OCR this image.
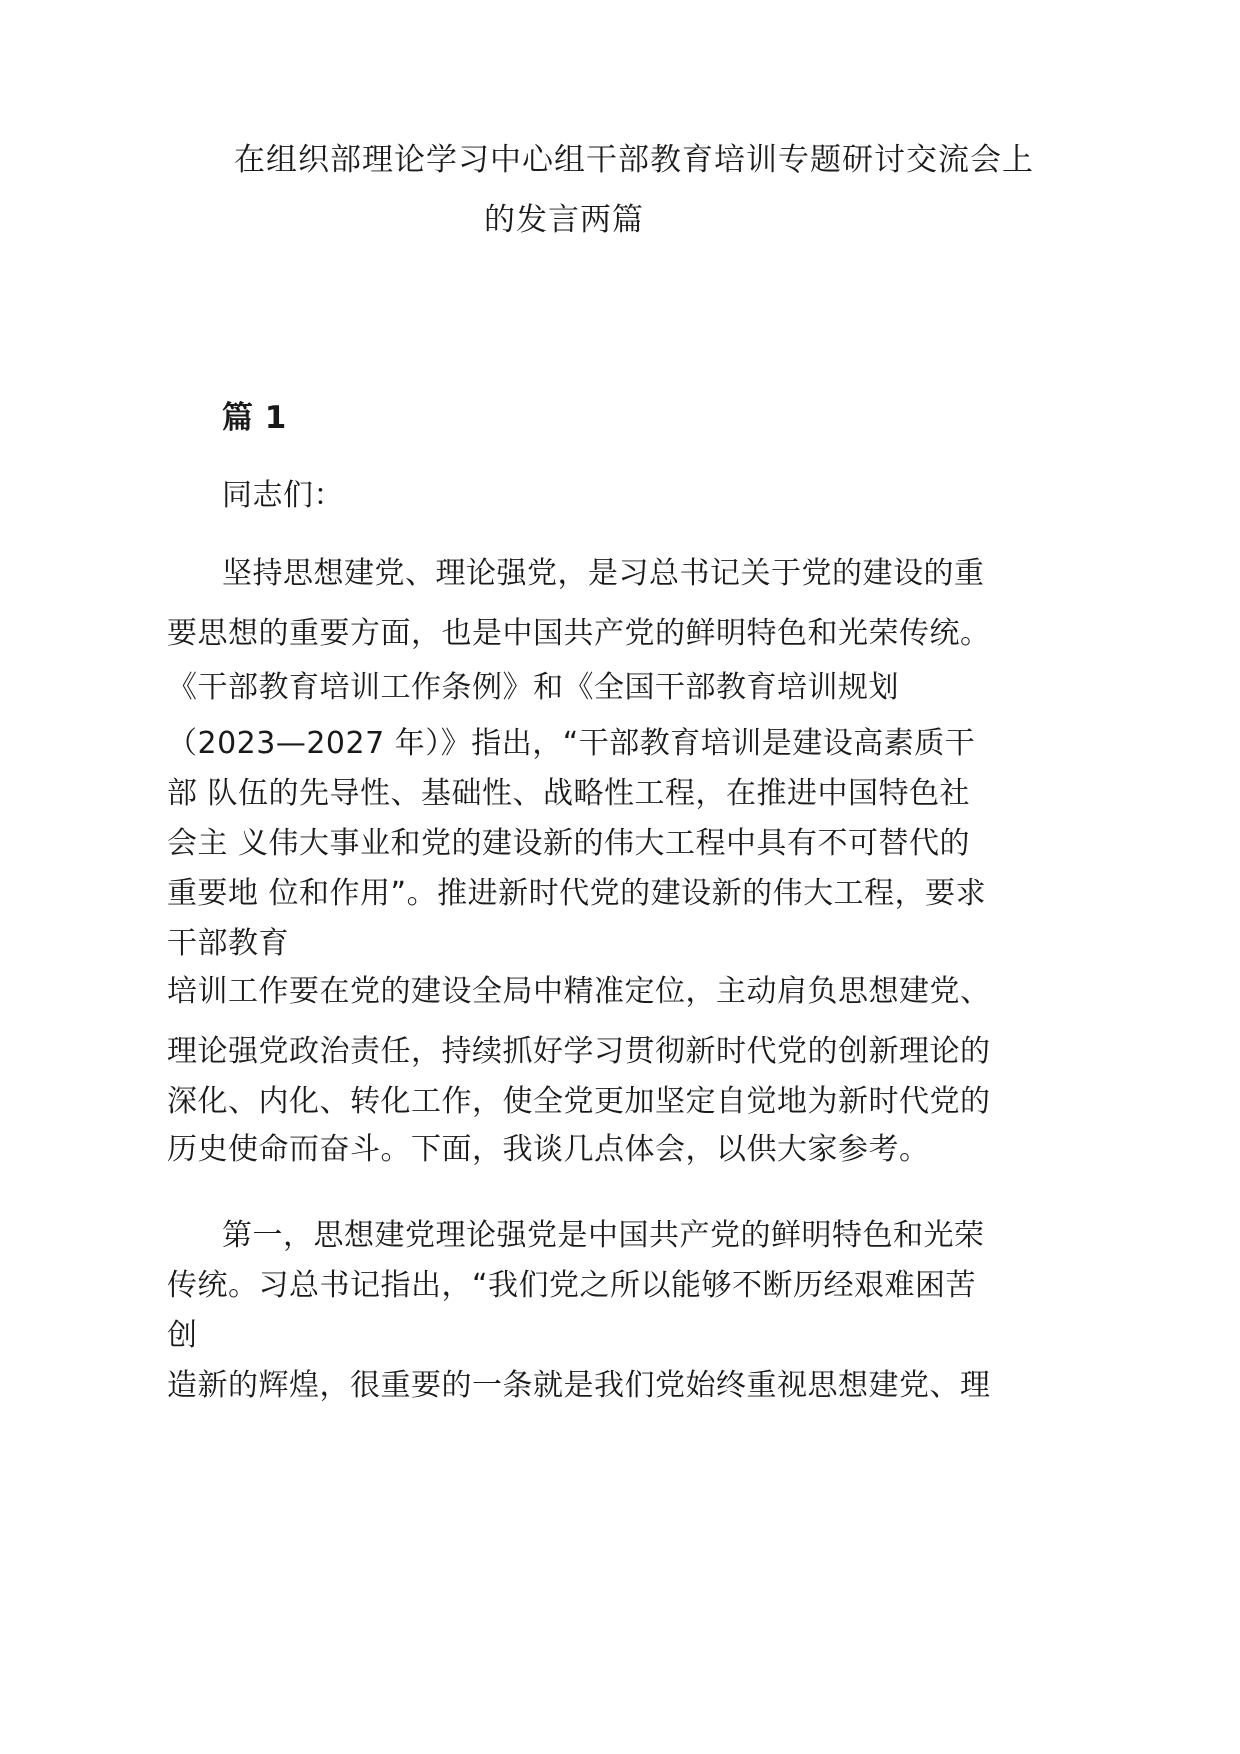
在组织部理论学习中心组干部教育培训专题研讨交流会上
的发言两篇
篇 1
同志们：
坚持思想建党、理论强党，是习总书记关于党的建设的重
要思想的重要方面，也是中国共产党的鲜明特色和光荣传统。
《干部教育培训工作条例》和《全国干部教育培训规划
（2023—2027 年）》指出，“干部教育培训是建设高素质干
部 队伍的先导性、基础性、战略性工程，在推进中国特色社
会主 义伟大事业和党的建设新的伟大工程中具有不可替代的
重要地 位和作用”。推进新时代党的建设新的伟大工程，要求
干部教育
培训工作要在党的建设全局中精准定位，主动肩负思想建党、
理论强党政治责任，持续抓好学习贯彻新时代党的创新理论的
深化、内化、转化工作，使全党更加坚定自觉地为新时代党的
历史使命而奋斗。下面，我谈几点体会，以供大家参考。
第一，思想建党理论强党是中国共产党的鲜明特色和光荣
传统。习总书记指出，“我们党之所以能够不断历经艰难困苦
创
造新的辉煌，很重要的一条就是我们党始终重视思想建党、理
